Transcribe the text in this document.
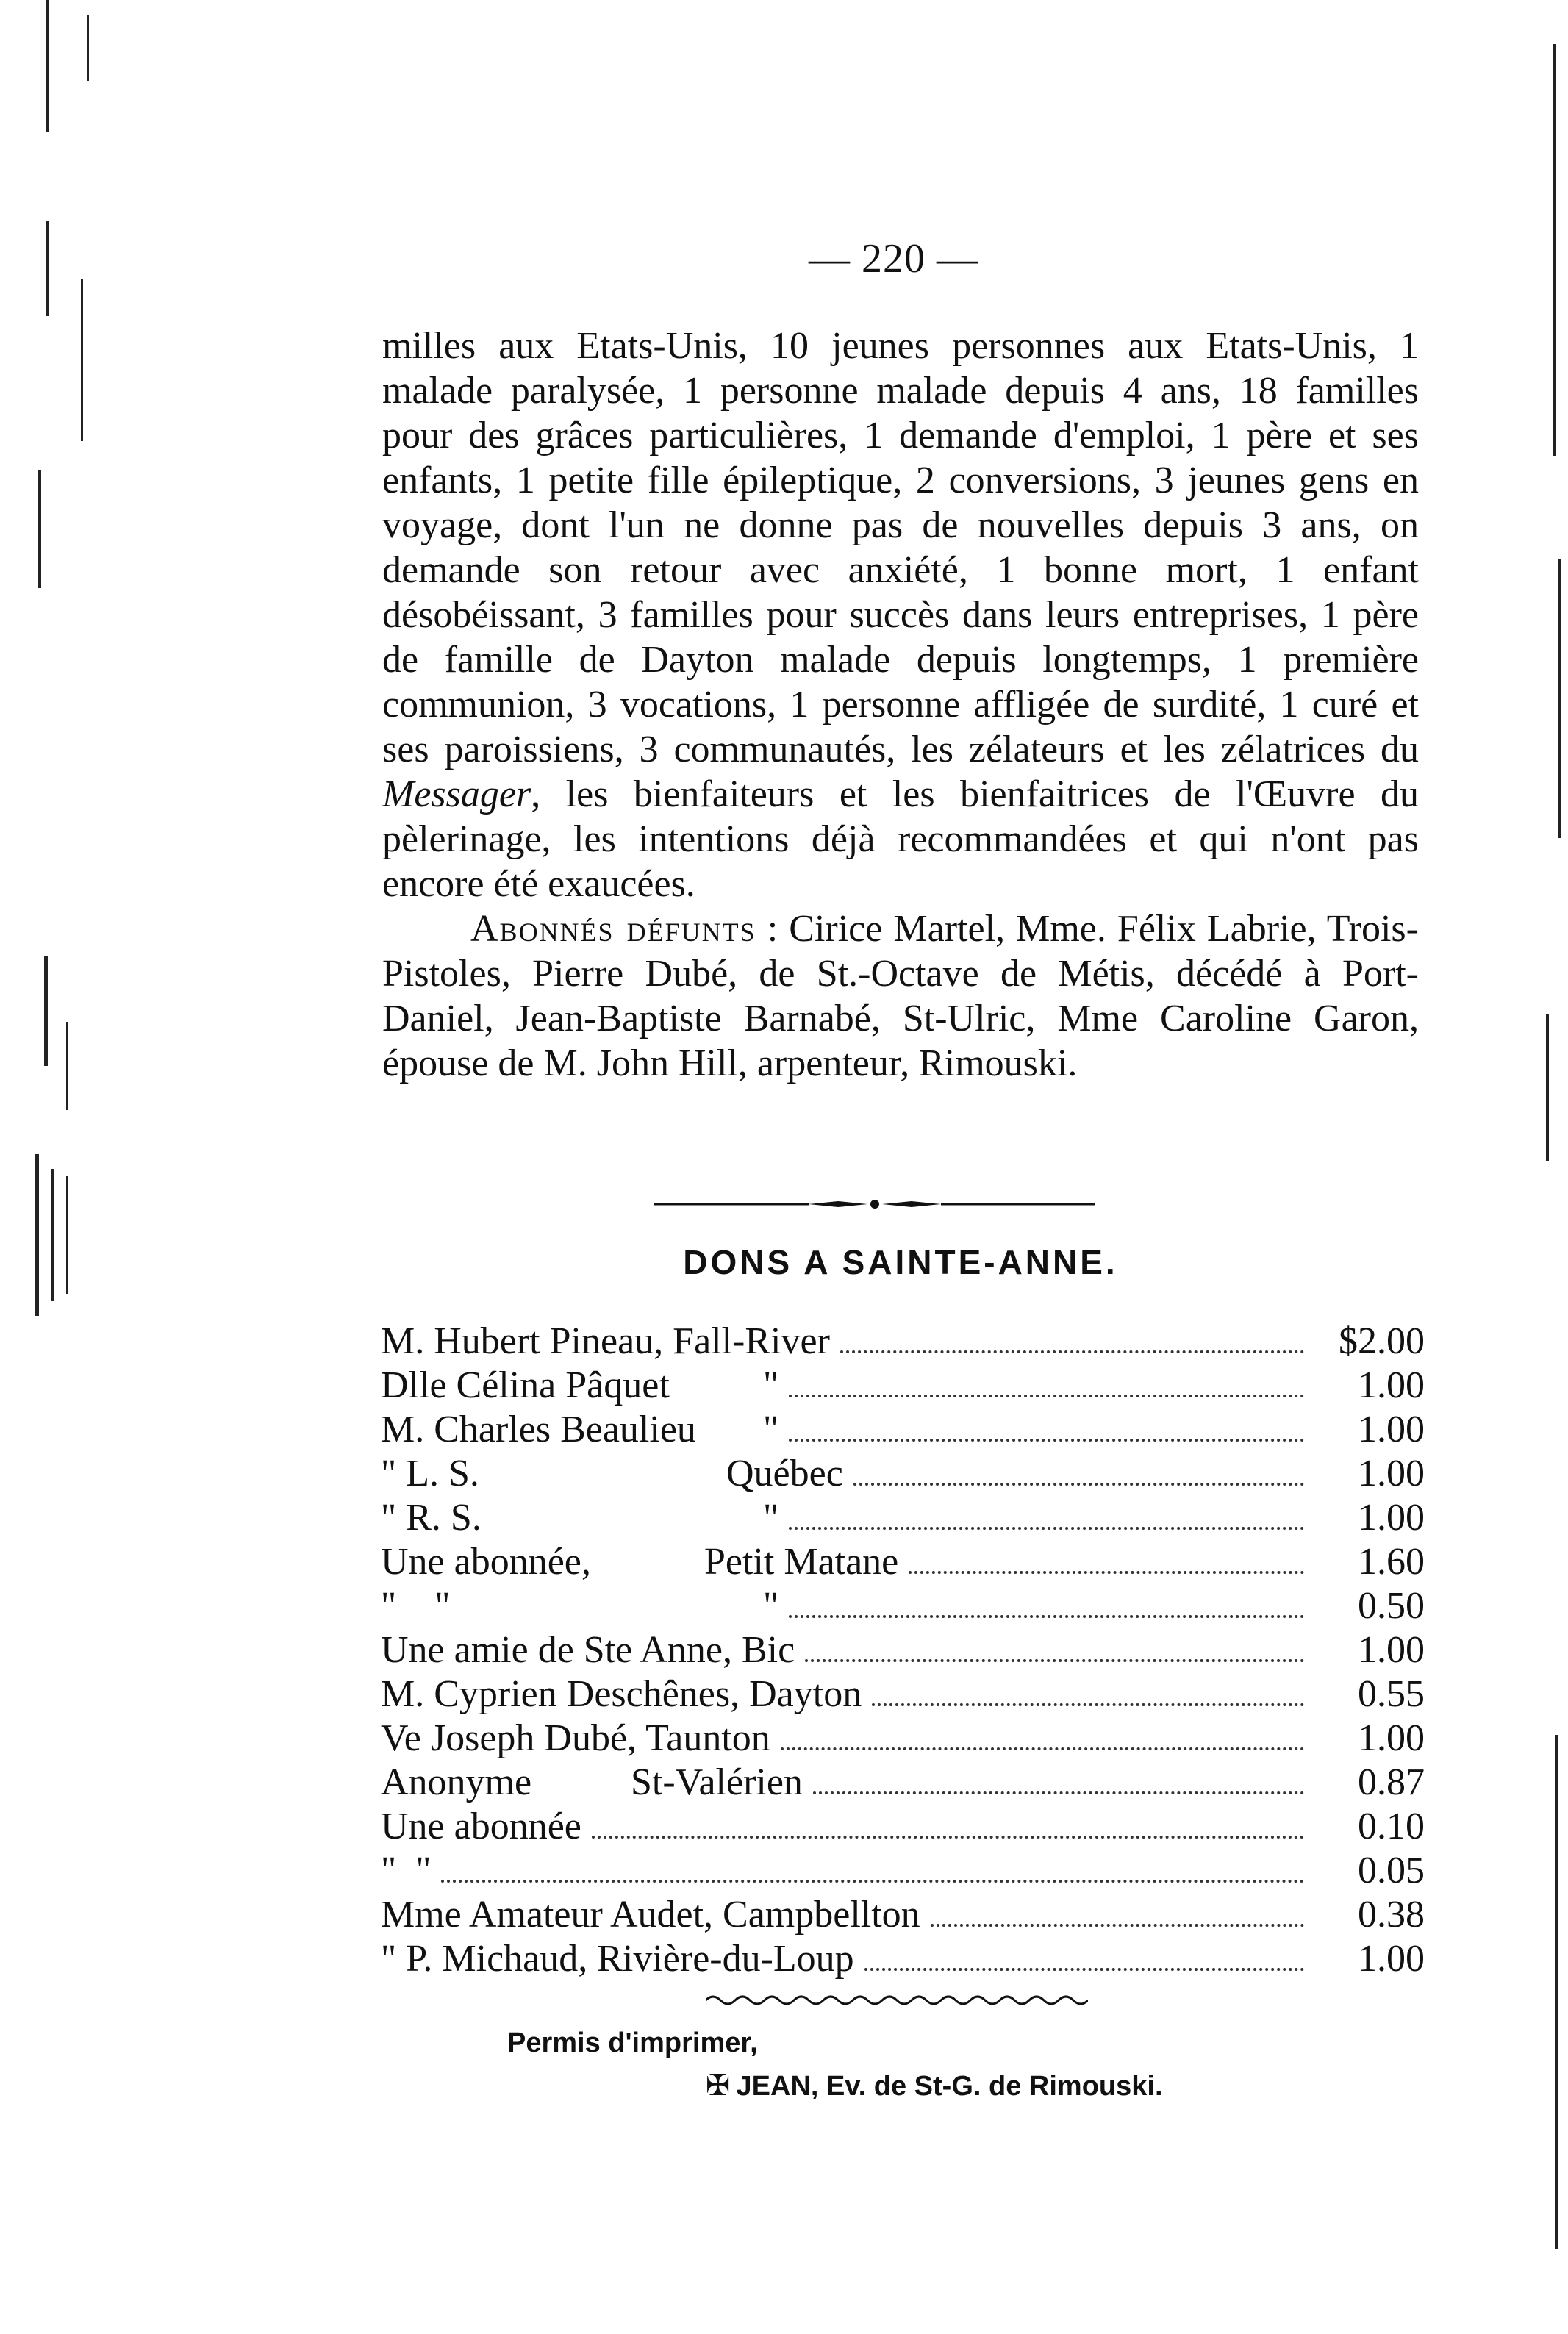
— 220 —

milles aux Etats-Unis, 10 jeunes personnes aux Etats-Unis, 1 malade paralysée, 1 personne malade depuis 4 ans, 18 familles pour des grâces particulières, 1 demande d'emploi, 1 père et ses enfants, 1 petite fille épileptique, 2 conversions, 3 jeunes gens en voyage, dont l'un ne donne pas de nouvelles depuis 3 ans, on demande son retour avec anxiété, 1 bonne mort, 1 enfant désobéissant, 3 familles pour succès dans leurs entreprises, 1 père de famille de Dayton malade depuis longtemps, 1 première communion, 3 vocations, 1 personne affligée de surdité, 1 curé et ses paroissiens, 3 communautés, les zélateurs et les zélatrices du Messager, les bienfaiteurs et les bienfaitrices de l'Œuvre du pèlerinage, les intentions déjà recommandées et qui n'ont pas encore été exaucées.

Abonnés défunts : Cirice Martel, Mme. Félix Labrie, Trois-Pistoles, Pierre Dubé, de St.-Octave de Métis, décédé à Port-Daniel, Jean-Baptiste Barnabé, St-Ulric, Mme Caroline Garon, épouse de M. John Hill, arpenteur, Rimouski.

DONS A SAINTE-ANNE.
M. Hubert Pineau, Fall-River	$2.00
Dlle Célina Pâquet "	1.00
M. Charles Beaulieu "	1.00
" L. S.	Québec	1.00
" R. S.	"	1.00
Une abonnée,	Petit Matane	1.60
"    "	"	0.50
Une amie de Ste Anne, Bic	1.00
M. Cyprien Deschênes, Dayton	0.55
Ve Joseph Dubé, Taunton	1.00
Anonyme	St-Valérien	0.87
Une abonnée	0.10
"  "	0.05
Mme Amateur Audet, Campbellton	0.38
" P. Michaud, Rivière-du-Loup	1.00
Permis d'imprimer,
✠ JEAN, Ev. de St-G. de Rimouski.
